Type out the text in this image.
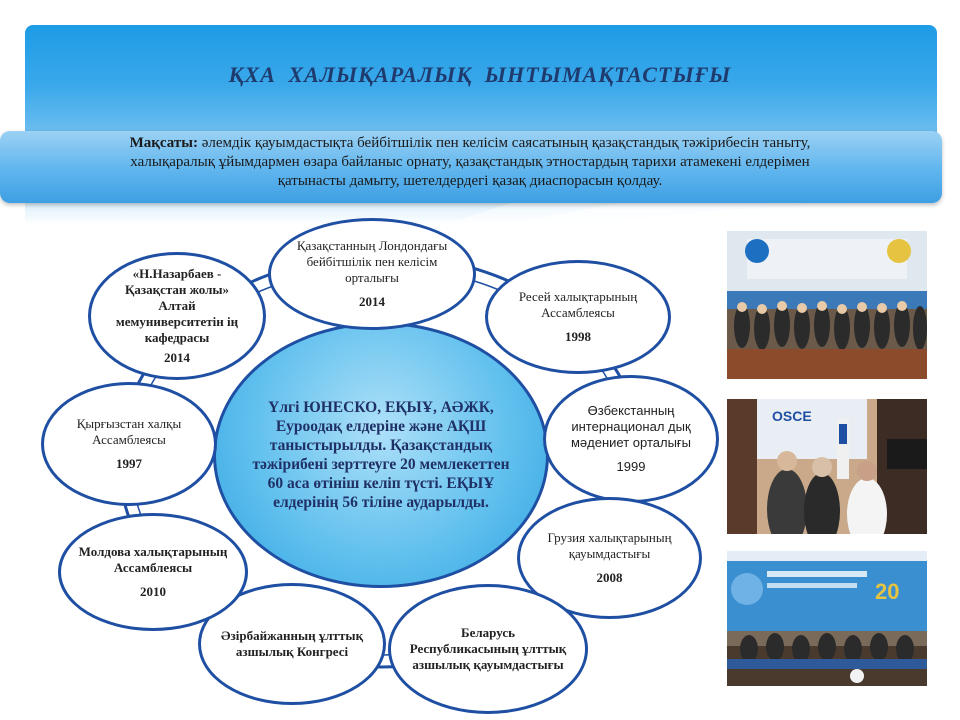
ҚХА ХАЛЫҚАРАЛЫҚ ЫНТЫМАҚТАСТЫҒЫ
Мақсаты: әлемдік қауымдастықта бейбітшілік пен келісім саясатының қазақстандық тәжірибесін таныту,
халықаралық ұйымдармен өзара байланыс орнату, қазақстандық этностардың тарихи атамекені елдерімен
қатынасты дамыту, шетелдердегі қазақ диаспорасын қолдау.
Үлгі ЮНЕСКО, ЕҚЫҰ, АӘЖК, Еуроодақ елдеріне және АҚШ таныстырылды. Қазақстандық тәжірибені зерттеуге 20 мемлекеттен 60 аса өтініш келіп түсті. ЕҚЫҰ елдерінің 56 тіліне аударылды.
Қазақстанның Лондондағы бейбітшілік пен келісім орталығы
2014	Ресей халықтарының Ассамблеясы
1998
Өзбекстанның интернационал дық мәдениет орталығы
1999
Грузия халықтарының қауымдастығы
2008
Беларусь Республикасының ұлттық азшылық қауымдастығы
Әзірбайжанның ұлттық азшылық Конгресі
Молдова халықтарының Ассамблеясы
2010
Қырғызстан халқы Ассамблеясы
1997
«Н.Назарбаев - Қазақстан жолы» Алтай мемуниверситетін ің кафедрасы
2014
OSCE
20
